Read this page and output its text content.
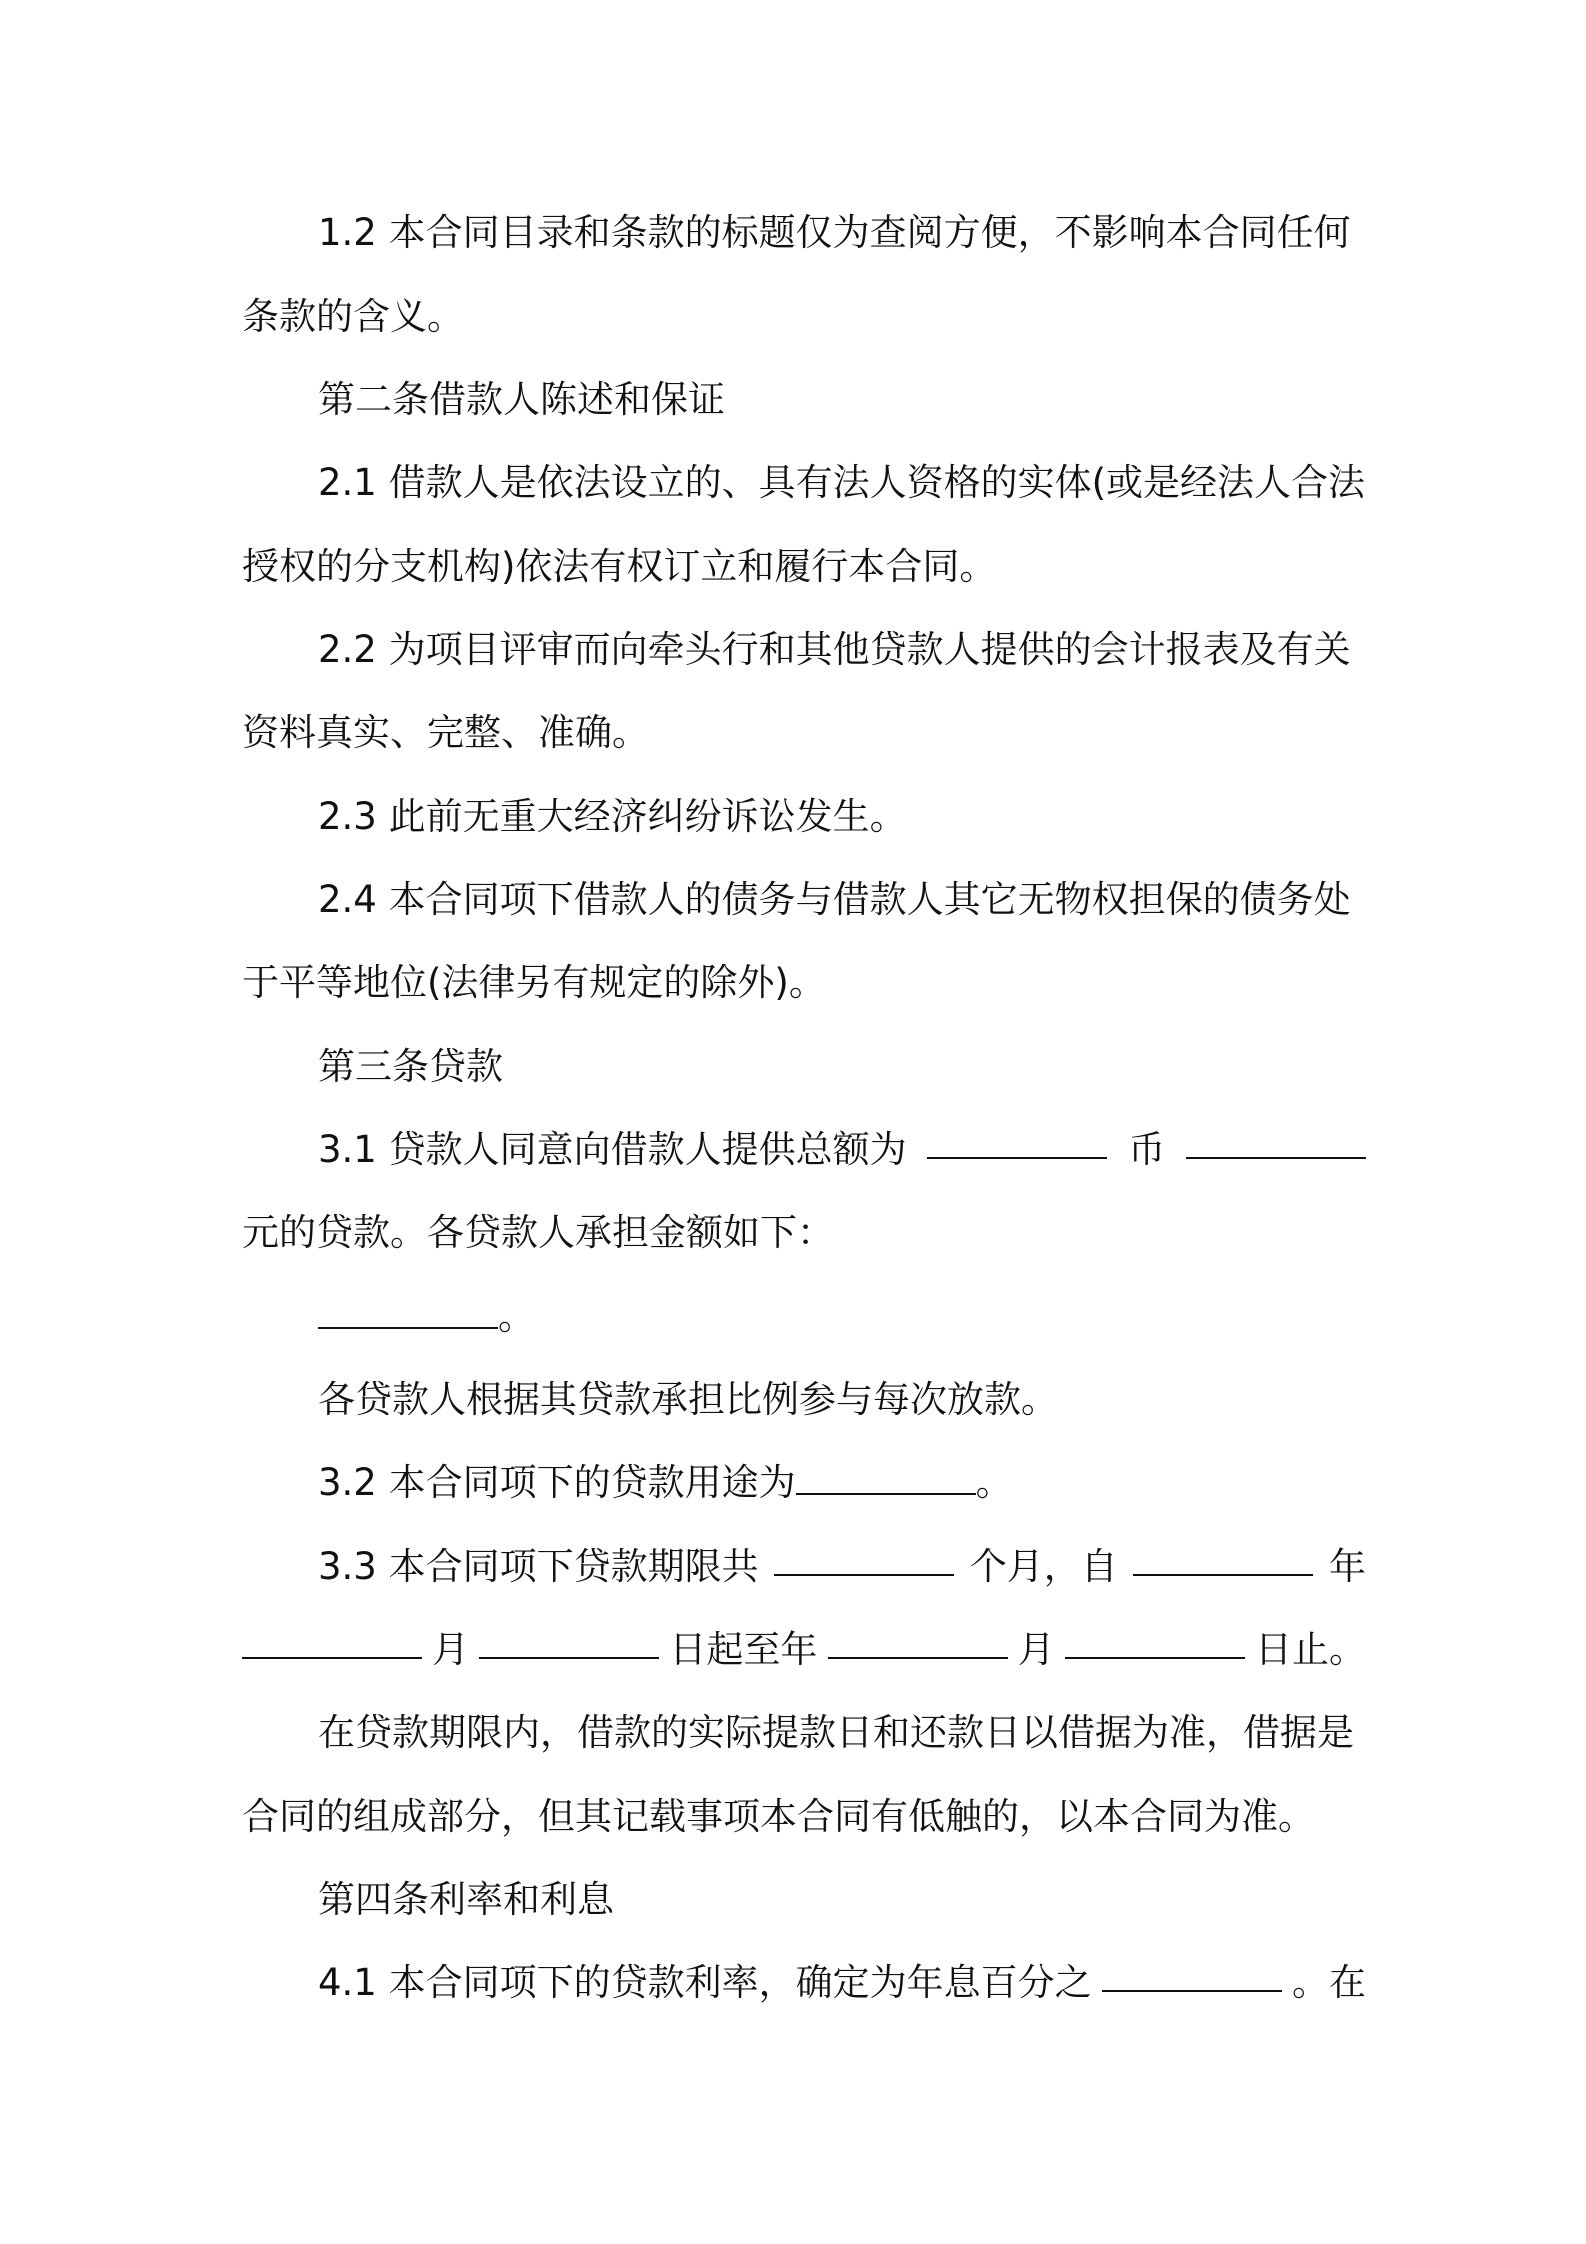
1.2 本合同目录和条款的标题仅为查阅方便，不影响本合同任何
条款的含义。
第二条借款人陈述和保证
2.1 借款人是依法设立的、具有法人资格的实体(或是经法人合法
授权的分支机构)依法有权订立和履行本合同。
2.2 为项目评审而向牵头行和其他贷款人提供的会计报表及有关
资料真实、完整、准确。
2.3 此前无重大经济纠纷诉讼发生。
2.4 本合同项下借款人的债务与借款人其它无物权担保的债务处
于平等地位(法律另有规定的除外)。
第三条贷款
3.1 贷款人同意向借款人提供总额为	币
元的贷款。各贷款人承担金额如下：
。
各贷款人根据其贷款承担比例参与每次放款。
3.2 本合同项下的贷款用途为	。
3.3 本合同项下贷款期限共	个月，自	年
月	日起至年	月	日止。
在贷款期限内，借款的实际提款日和还款日以借据为准，借据是
合同的组成部分，但其记载事项本合同有低触的，以本合同为准。
第四条利率和利息
4.1 本合同项下的贷款利率，确定为年息百分之	。在
